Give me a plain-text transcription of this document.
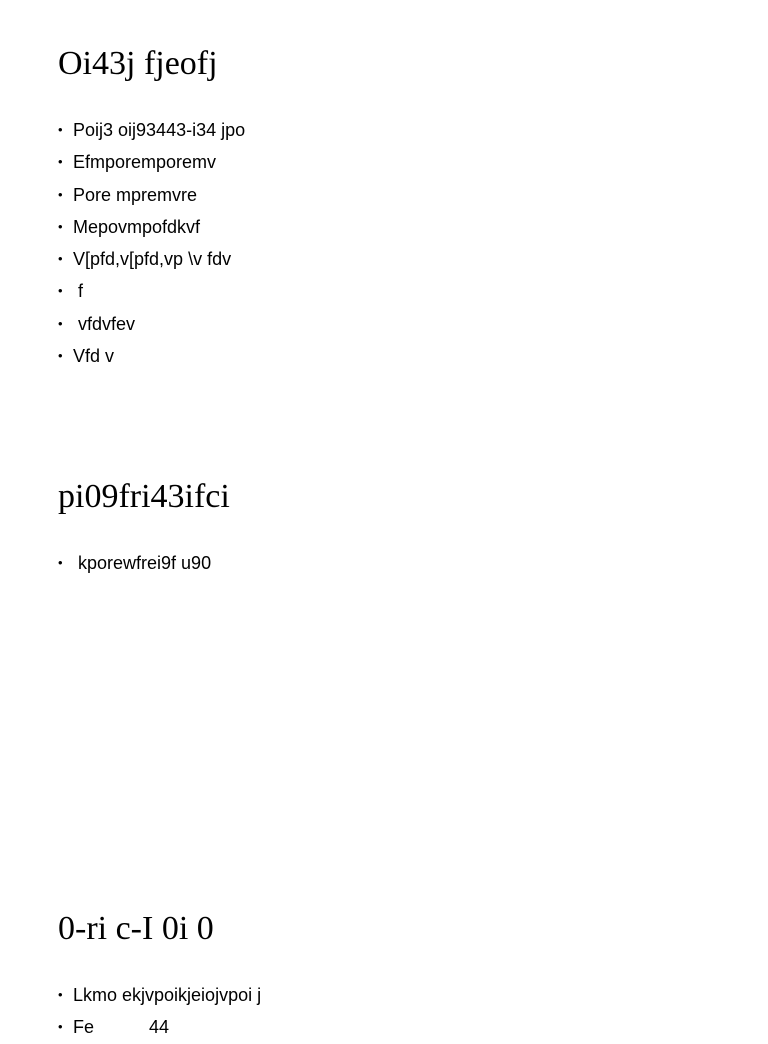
Oi43j fjeofj
• Poij3 oij93443-i34 jpo
• Efmporemporemv
• Pore mpremvre
• Mepovmpofdkvf
• V[pfd,v[pfd,vp \v fdv
• f
• vfdvfev
• Vfd v
pi09fri43ifci
• kporewfrei9f u90
0-ri c-I 0i 0
• Lkmo ekjvpoikjeiojvpoi j
• Fe           44
